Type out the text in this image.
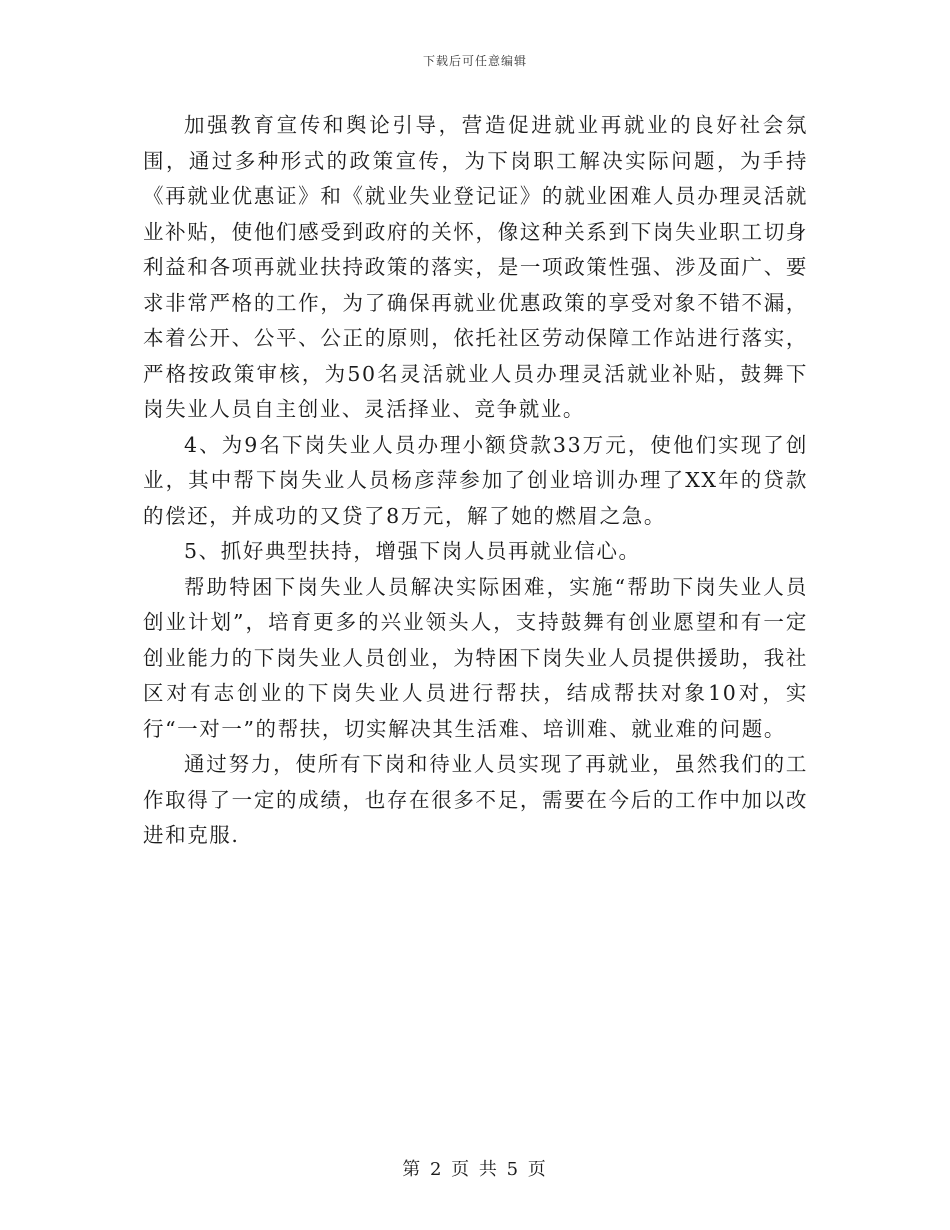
下载后可任意编辑

加强教育宣传和舆论引导，营造促进就业再就业的良好社会氛围，通过多种形式的政策宣传，为下岗职工解决实际问题，为手持《再就业优惠证》和《就业失业登记证》的就业困难人员办理灵活就业补贴，使他们感受到政府的关怀，像这种关系到下岗失业职工切身利益和各项再就业扶持政策的落实，是一项政策性强、涉及面广、要求非常严格的工作，为了确保再就业优惠政策的享受对象不错不漏，本着公开、公平、公正的原则，依托社区劳动保障工作站进行落实，严格按政策审核，为50名灵活就业人员办理灵活就业补贴，鼓舞下岗失业人员自主创业、灵活择业、竞争就业。

4、为9名下岗失业人员办理小额贷款33万元，使他们实现了创业，其中帮下岗失业人员杨彦萍参加了创业培训办理了XX年的贷款的偿还，并成功的又贷了8万元，解了她的燃眉之急。

5、抓好典型扶持，增强下岗人员再就业信心。

帮助特困下岗失业人员解决实际困难，实施“帮助下岗失业人员创业计划”，培育更多的兴业领头人，支持鼓舞有创业愿望和有一定创业能力的下岗失业人员创业，为特困下岗失业人员提供援助，我社区对有志创业的下岗失业人员进行帮扶，结成帮扶对象10对，实行“一对一”的帮扶，切实解决其生活难、培训难、就业难的问题。

通过努力，使所有下岗和待业人员实现了再就业，虽然我们的工作取得了一定的成绩，也存在很多不足，需要在今后的工作中加以改进和克服.

第 2 页 共 5 页
